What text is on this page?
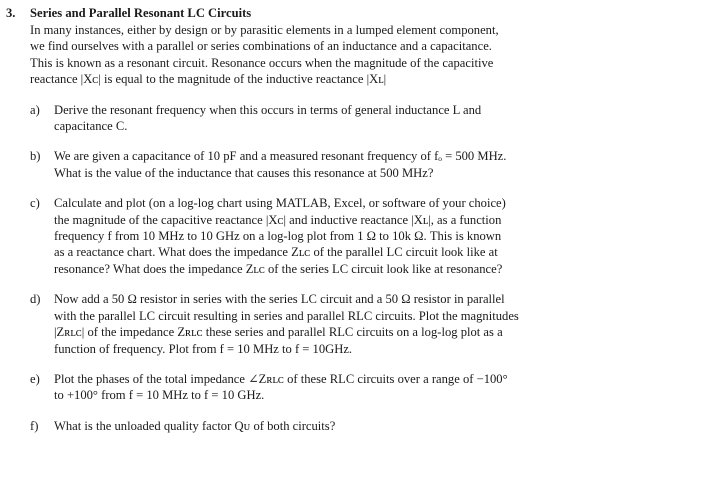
3. Series and Parallel Resonant LC Circuits
In many instances, either by design or by parasitic elements in a lumped element component,
we find ourselves with a parallel or series combinations of an inductance and a capacitance.
This is known as a resonant circuit. Resonance occurs when the magnitude of the capacitive
reactance |Xᴄ| is equal to the magnitude of the inductive reactance |Xʟ|
a) Derive the resonant frequency when this occurs in terms of general inductance L and
capacitance C.
b) We are given a capacitance of 10 pF and a measured resonant frequency of fₒ = 500 MHz.
What is the value of the inductance that causes this resonance at 500 MHz?
c) Calculate and plot (on a log-log chart using MATLAB, Excel, or software of your choice)
the magnitude of the capacitive reactance |Xᴄ| and inductive reactance |Xʟ|, as a function
frequency f from 10 MHz to 10 GHz on a log-log plot from 1 Ω to 10k Ω. This is known
as a reactance chart. What does the impedance Zʟᴄ of the parallel LC circuit look like at
resonance? What does the impedance Zʟᴄ of the series LC circuit look like at resonance?
d) Now add a 50 Ω resistor in series with the series LC circuit and a 50 Ω resistor in parallel
with the parallel LC circuit resulting in series and parallel RLC circuits. Plot the magnitudes
|Zʀʟᴄ| of the impedance Zʀʟᴄ these series and parallel RLC circuits on a log-log plot as a
function of frequency. Plot from f = 10 MHz to f = 10GHz.
e) Plot the phases of the total impedance ∠Zʀʟᴄ of these RLC circuits over a range of −100°
to +100° from f = 10 MHz to f = 10 GHz.
f) What is the unloaded quality factor Qᴜ of both circuits?
